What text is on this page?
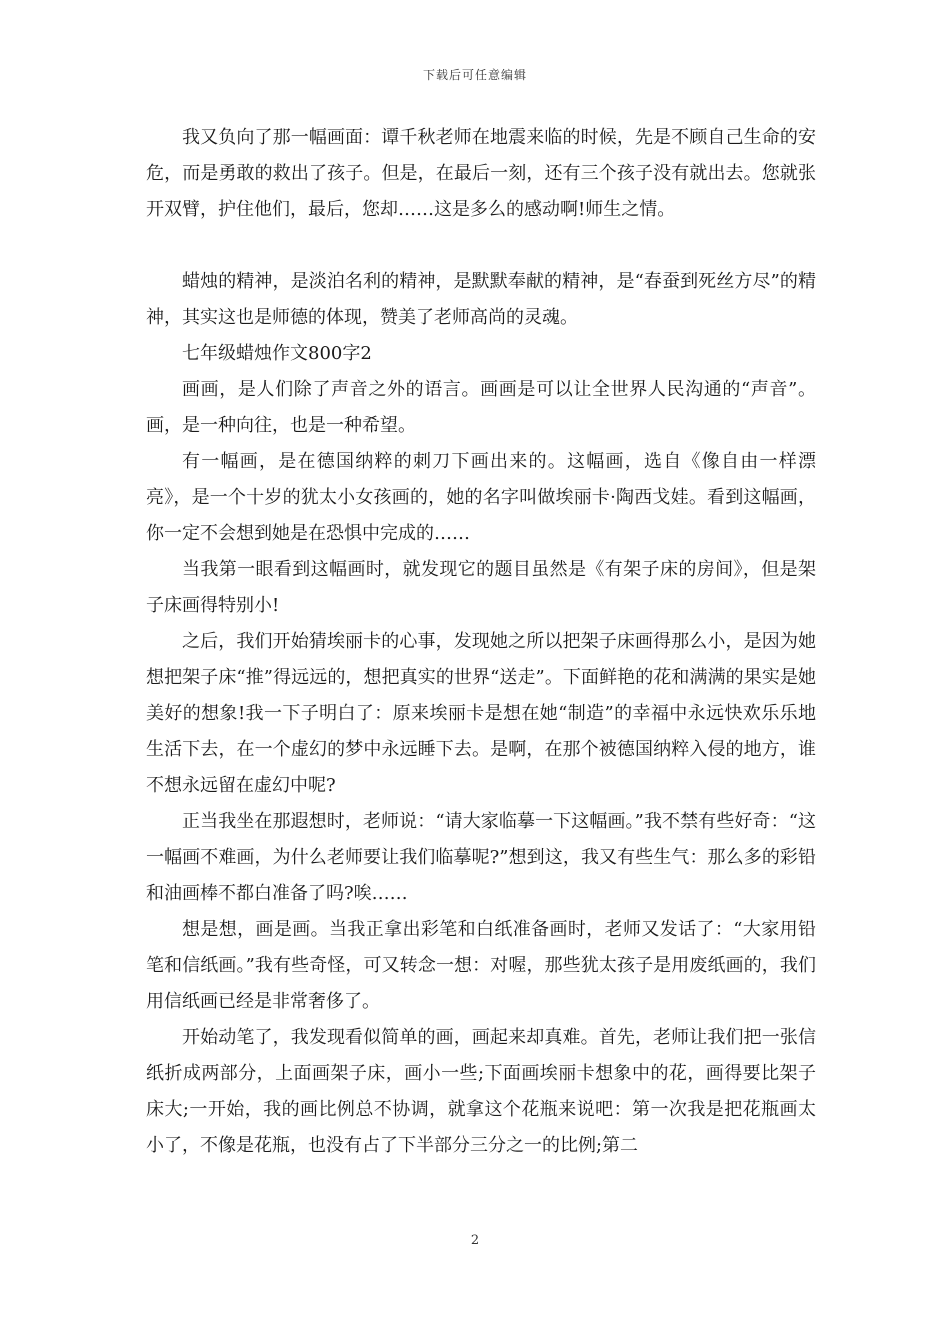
下载后可任意编辑

我又负向了那一幅画面：谭千秋老师在地震来临的时候，先是不顾自己生命的安危，而是勇敢的救出了孩子。但是，在最后一刻，还有三个孩子没有就出去。您就张开双臂，护住他们，最后，您却……这是多么的感动啊!师生之情。

蜡烛的精神，是淡泊名利的精神，是默默奉献的精神，是“春蚕到死丝方尽”的精神，其实这也是师德的体现，赞美了老师高尚的灵魂。

七年级蜡烛作文800字2

画画，是人们除了声音之外的语言。画画是可以让全世界人民沟通的“声音”。画，是一种向往，也是一种希望。

有一幅画，是在德国纳粹的刺刀下画出来的。这幅画，选自《像自由一样漂亮》，是一个十岁的犹太小女孩画的，她的名字叫做埃丽卡·陶西戈娃。看到这幅画，你一定不会想到她是在恐惧中完成的……

当我第一眼看到这幅画时，就发现它的题目虽然是《有架子床的房间》，但是架子床画得特别小!

之后，我们开始猜埃丽卡的心事，发现她之所以把架子床画得那么小，是因为她想把架子床“推”得远远的，想把真实的世界“送走”。下面鲜艳的花和满满的果实是她美好的想象!我一下子明白了：原来埃丽卡是想在她“制造”的幸福中永远快欢乐乐地生活下去，在一个虚幻的梦中永远睡下去。是啊，在那个被德国纳粹入侵的地方，谁不想永远留在虚幻中呢?

正当我坐在那遐想时，老师说：“请大家临摹一下这幅画。”我不禁有些好奇：“这一幅画不难画，为什么老师要让我们临摹呢?”想到这，我又有些生气：那么多的彩铅和油画棒不都白准备了吗?唉……

想是想，画是画。当我正拿出彩笔和白纸准备画时，老师又发话了：“大家用铅笔和信纸画。”我有些奇怪，可又转念一想：对喔，那些犹太孩子是用废纸画的，我们用信纸画已经是非常奢侈了。

开始动笔了，我发现看似简单的画，画起来却真难。首先，老师让我们把一张信纸折成两部分，上面画架子床，画小一些;下面画埃丽卡想象中的花，画得要比架子床大;一开始，我的画比例总不协调，就拿这个花瓶来说吧：第一次我是把花瓶画太小了，不像是花瓶，也没有占了下半部分三分之一的比例;第二

2
